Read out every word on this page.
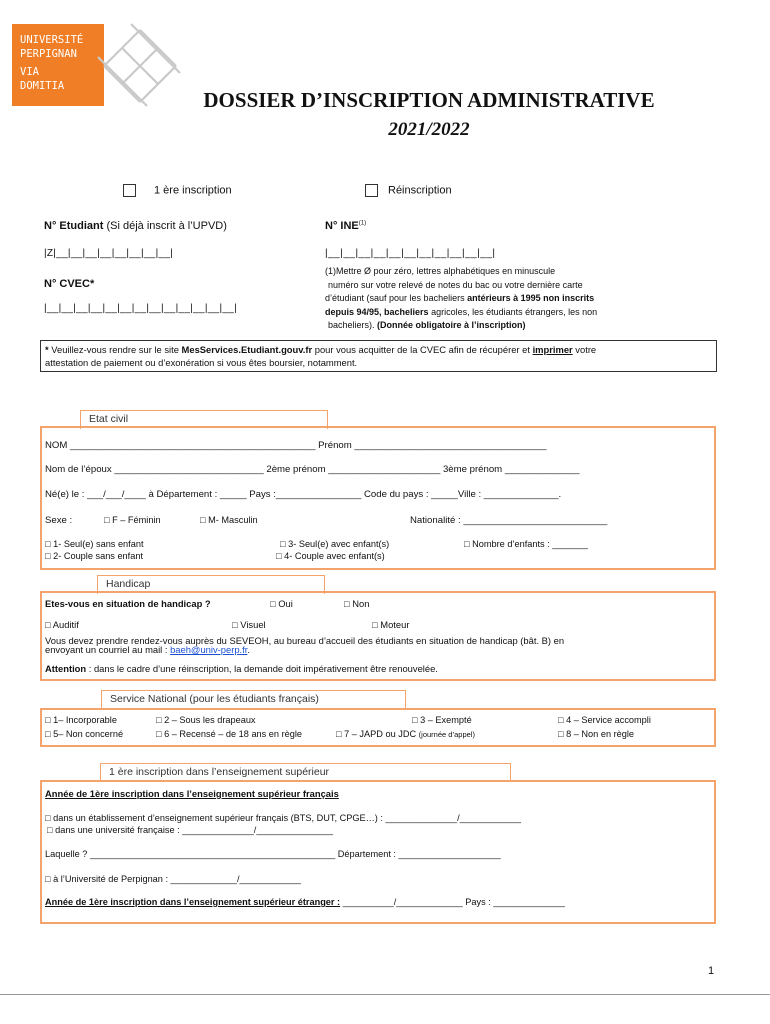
UNIVERSITÉ
PERPIGNAN
VIA
DOMITIA
DOSSIER D’INSCRIPTION ADMINISTRATIVE
2021/2022
1 ère inscription	Réinscription
N° Etudiant (Si déjà inscrit à l’UPVD)
|Z|__|__|__|__|__|__|__|__|
N° INE$^{(1)}$
|__|__|__|__|__|__|__|__|__|__|__|
(1)Mettre Ø pour zéro, lettres alphabétiques en minuscule
numéro sur votre relevé de notes du bac ou votre dernière carte
d’étudiant (sauf pour les bacheliers antérieurs à 1995 non inscrits
depuis 94/95, bacheliers agricoles, les étudiants étrangers, les non
bacheliers). (Donnée obligatoire à l’inscription)
N° CVEC*
|__|__|__|__|__|__|__|__|__|__|__|__|__|
* Veuillez-vous rendre sur le site MesServices.Etudiant.gouv.fr pour vous acquitter de la CVEC afin de récupérer et imprimer votre
attestation de paiement ou d’exonération si vous êtes boursier, notamment.
Etat civil
NOM ______________________________________________ Prénom ____________________________________
Nom de l’époux ____________________________ 2ème prénom _____________________ 3ème prénom ______________
Né(e) le : ___/___/____ à Département : _____ Pays :________________ Code du pays : _____Ville : ______________.
Sexe :	□ F – Féminin	□ M- Masculin	Nationalité : ___________________________
□ 1- Seul(e) sans enfant
□ 2- Couple sans enfant
□ 3- Seul(e) avec enfant(s)
□ 4- Couple avec enfant(s)
□ Nombre d’enfants : _______
Handicap
Etes-vous en situation de handicap ?	□ Oui	□ Non
□ Auditif	□ Visuel	□ Moteur
Vous devez prendre rendez-vous auprès du SEVEOH, au bureau d’accueil des étudiants en situation de handicap (bât. B) en
envoyant un courriel au mail : baeh@univ-perp.fr.
Attention : dans le cadre d’une réinscription, la demande doit impérativement être renouvelée.
Service National (pour les étudiants français)
□ 1– Incorporable	□ 2 – Sous les drapeaux	□ 3 – Exempté	□ 4 – Service accompli
□ 5– Non concerné	□ 6 – Recensé – de 18 ans en règle	□ 7 – JAPD ou JDC (journée d’appel)	□ 8 – Non en règle
1 ère inscription dans l’enseignement supérieur
Année de 1ère inscription dans l’enseignement supérieur français
□ dans un établissement d’enseignement supérieur français (BTS, DUT, CPGE…) : ______________/____________
□ dans une université française : ______________/_______________
Laquelle ? ________________________________________________ Département : ____________________
□ à l’Université de Perpignan : _____________/____________
Année de 1ère inscription dans l’enseignement supérieur étranger : __________/_____________ Pays : ______________
1
